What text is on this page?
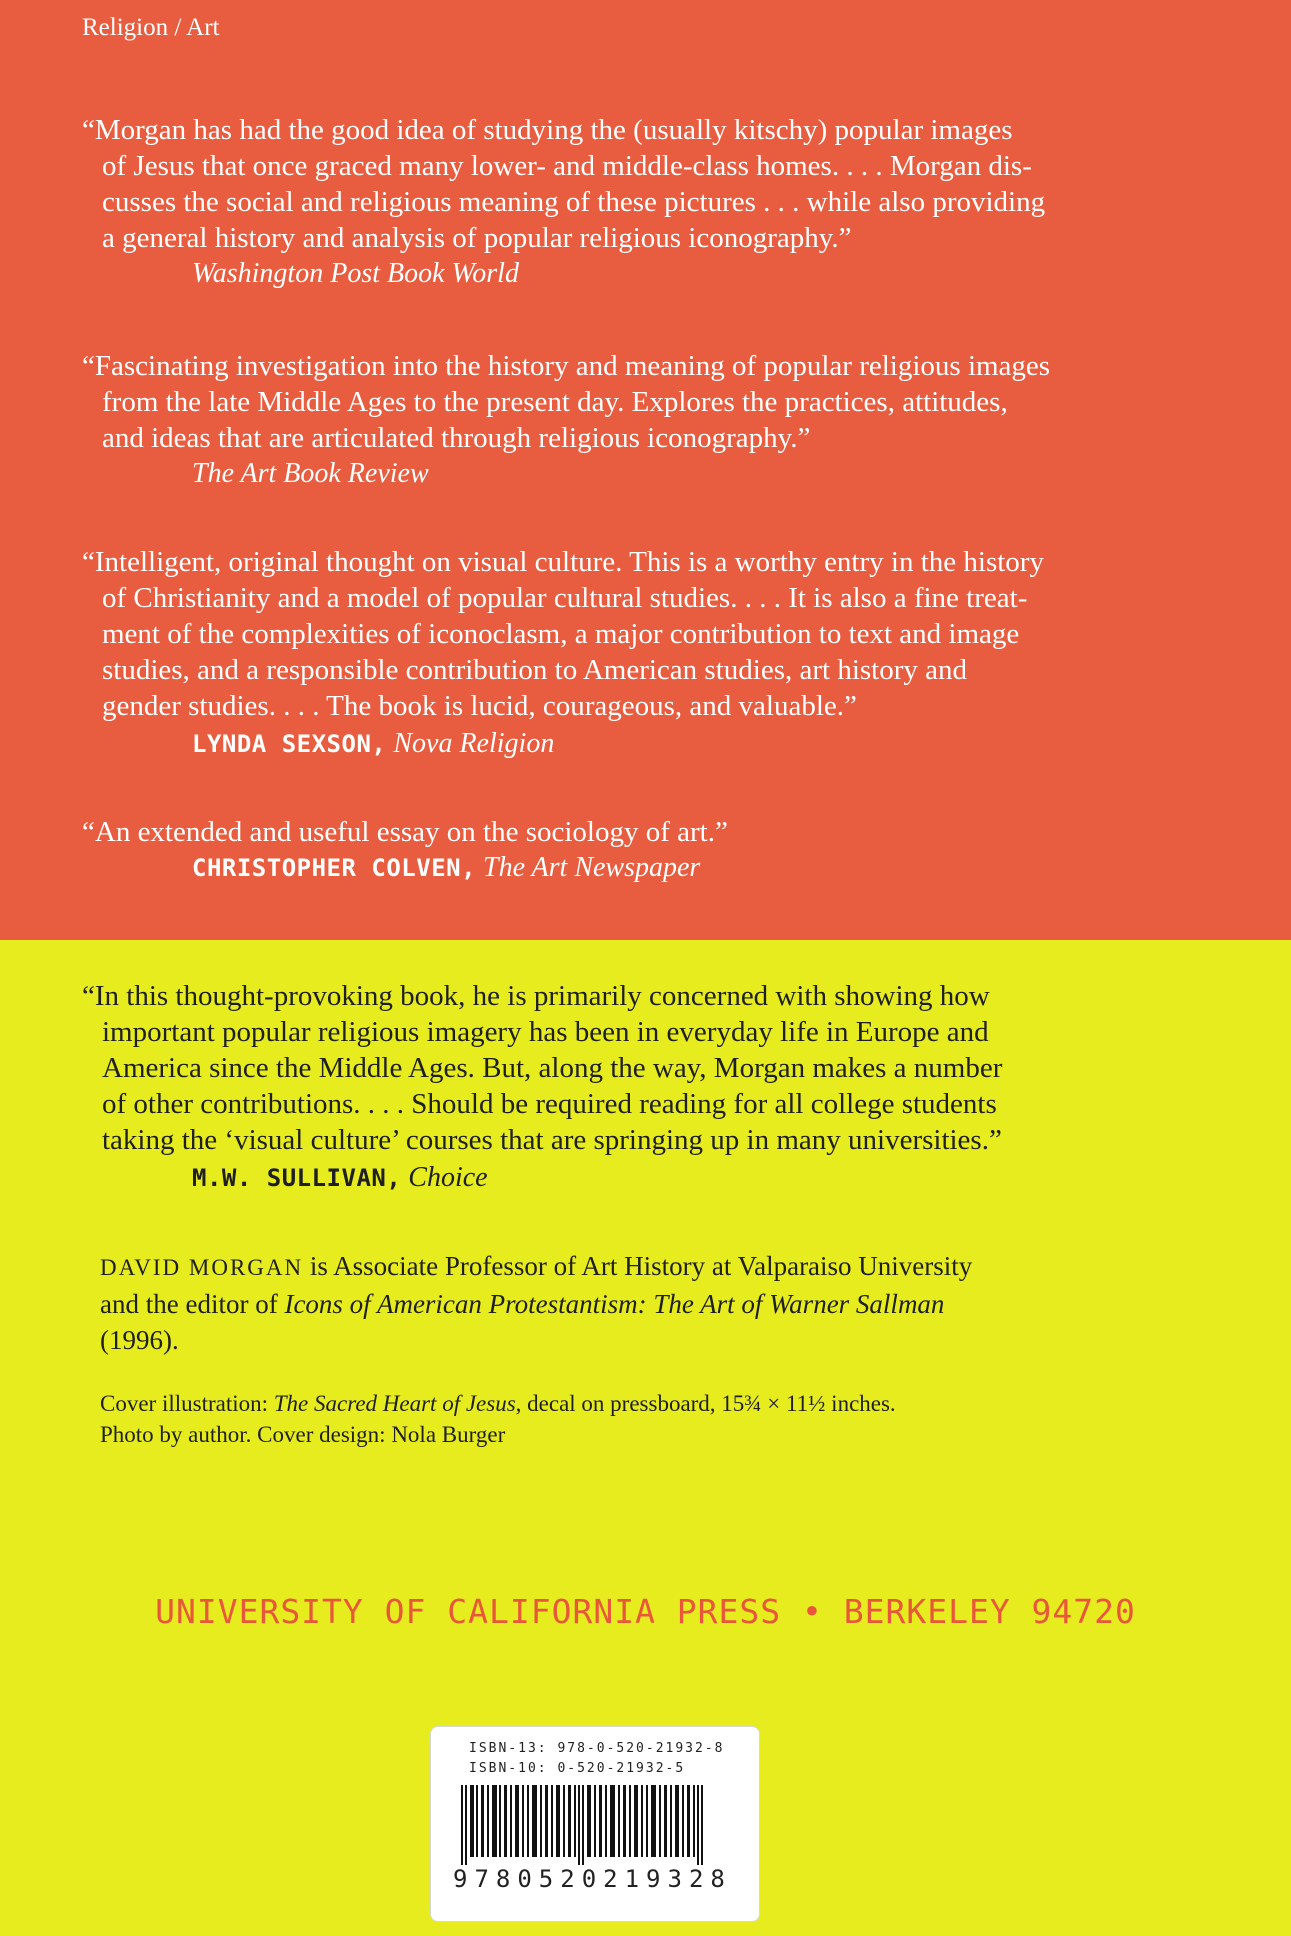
Religion / Art
“Morgan has had the good idea of studying the (usually kitschy) popular images
of Jesus that once graced many lower- and middle-class homes. . . . Morgan dis-
cusses the social and religious meaning of these pictures . . . while also providing
a general history and analysis of popular religious iconography.”
Washington Post Book World
“Fascinating investigation into the history and meaning of popular religious images
from the late Middle Ages to the present day. Explores the practices, attitudes,
and ideas that are articulated through religious iconography.”
The Art Book Review
“Intelligent, original thought on visual culture. This is a worthy entry in the history
of Christianity and a model of popular cultural studies. . . . It is also a fine treat-
ment of the complexities of iconoclasm, a major contribution to text and image
studies, and a responsible contribution to American studies, art history and
gender studies. . . . The book is lucid, courageous, and valuable.”
LYNDA SEXSON, Nova Religion
“An extended and useful essay on the sociology of art.”
CHRISTOPHER COLVEN, The Art Newspaper
“In this thought-provoking book, he is primarily concerned with showing how
important popular religious imagery has been in everyday life in Europe and
America since the Middle Ages. But, along the way, Morgan makes a number
of other contributions. . . . Should be required reading for all college students
taking the ‘visual culture’ courses that are springing up in many universities.”
M.W. SULLIVAN, Choice
DAVID MORGAN is Associate Professor of Art History at Valparaiso University
and the editor of Icons of American Protestantism: The Art of Warner Sallman
(1996).
Cover illustration: The Sacred Heart of Jesus, decal on pressboard, 15¾ × 11½ inches.
Photo by author. Cover design: Nola Burger
UNIVERSITY OF CALIFORNIA PRESS • BERKELEY 94720
ISBN-13: 978-0-520-21932-8
ISBN-10: 0-520-21932-5
9780520219328
